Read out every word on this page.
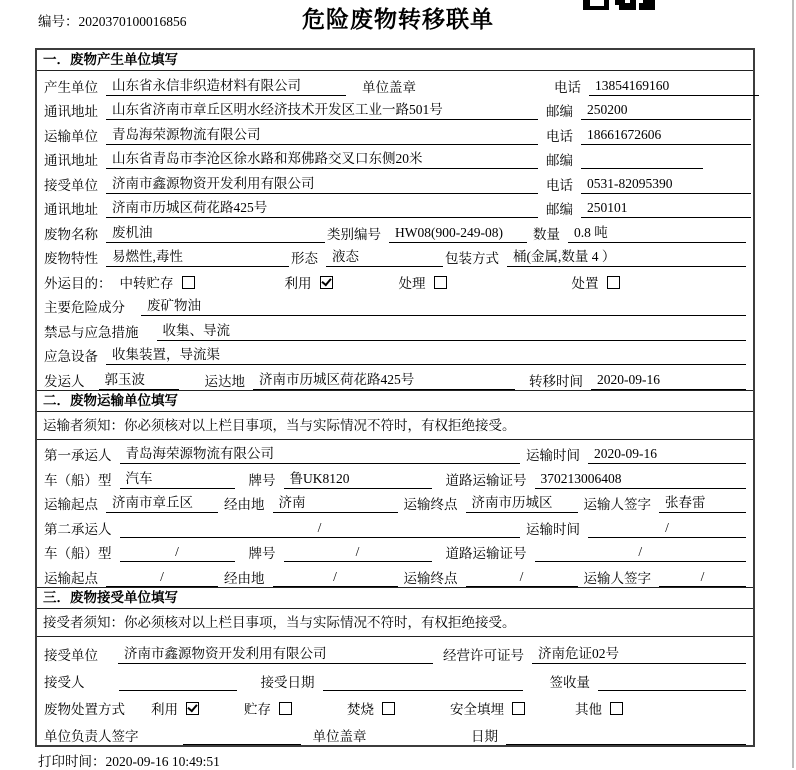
编号：2020370100016856	危险废物转移联单
一．废物产生单位填写
产生单位	山东省永信非织造材料有限公司	单位盖章	电话	13854169160
通讯地址	山东省济南市章丘区明水经济技术开发区工业一路501号	邮编	250200
运输单位	青岛海荣源物流有限公司	电话	18661672606
通讯地址	山东省青岛市李沧区徐水路和郑佛路交叉口东侧20米	邮编
接受单位	济南市鑫源物资开发利用有限公司	电话	0531-82095390
通讯地址	济南市历城区荷花路425号	邮编	250101
废物名称	废机油	类别编号	HW08(900-249-08)	数量	0.8 吨
废物特性	易燃性,毒性	形态	液态	包装方式	桶(金属,数量 4 ）
外运目的： 中转贮存	利用	处理	处置
主要危险成分	废矿物油
禁忌与应急措施	收集、导流
应急设备	收集装置，导流渠
发运人	郭玉波	运达地	济南市历城区荷花路425号	转移时间	2020-09-16
二．废物运输单位填写
运输者须知：你必须核对以上栏目事项，当与实际情况不符时，有权拒绝接受。
第一承运人	青岛海荣源物流有限公司	运输时间	2020-09-16
车（船）型	汽车	牌号	鲁UK8120	道路运输证号	370213006408
运输起点	济南市章丘区	经由地	济南	运输终点	济南市历城区	运输人签字	张春雷
第二承运人	/	运输时间	/
车（船）型	/	牌号	/	道路运输证号	/
运输起点	/	经由地	/	运输终点	/	运输人签字	/
三．废物接受单位填写
接受者须知：你必须核对以上栏目事项，当与实际情况不符时，有权拒绝接受。
接受单位	济南市鑫源物资开发利用有限公司	经营许可证号	济南危证02号
接受人	接受日期	签收量
废物处置方式 利用	贮存	焚烧	安全填埋	其他
单位负责人签字	单位盖章	日期
打印时间：2020-09-16 10:49:51
